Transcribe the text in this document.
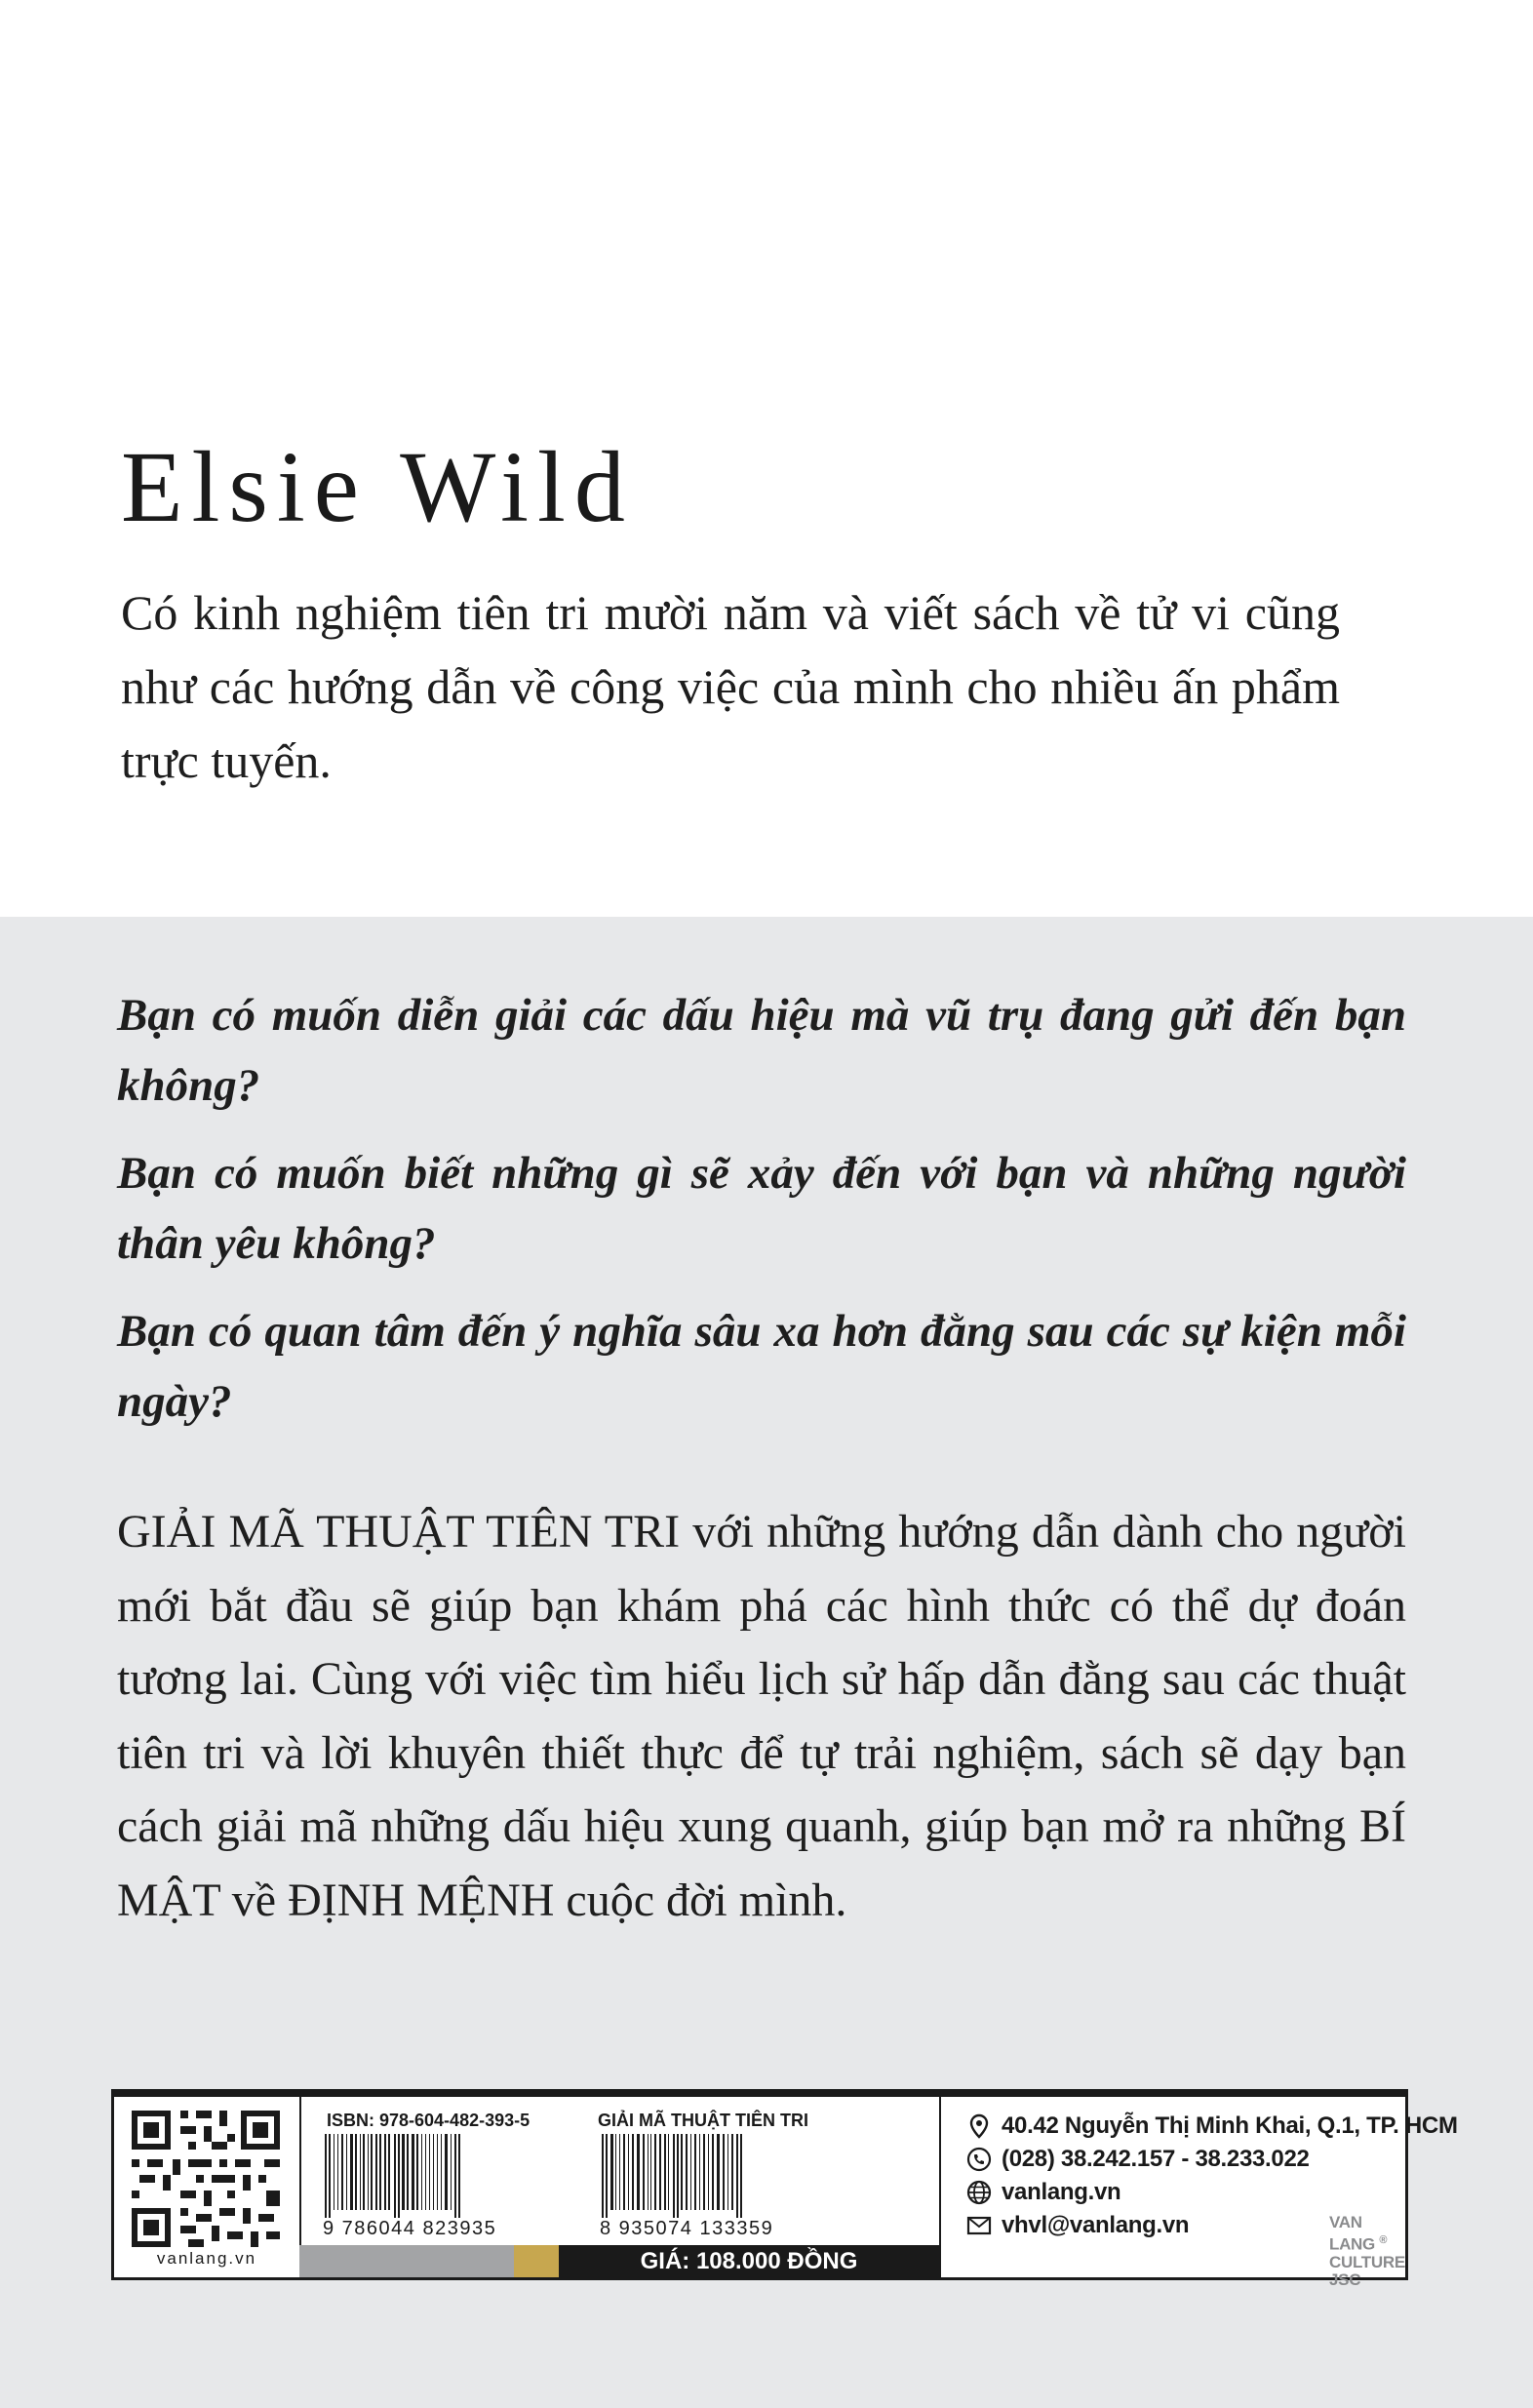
Elsie Wild
Có kinh nghiệm tiên tri mười năm và viết sách về tử vi cũng như các hướng dẫn về công việc của mình cho nhiều ấn phẩm trực tuyến.

Bạn có muốn diễn giải các dấu hiệu mà vũ trụ đang gửi đến bạn không?

Bạn có muốn biết những gì sẽ xảy đến với bạn và những người thân yêu không?

Bạn có quan tâm đến ý nghĩa sâu xa hơn đằng sau các sự kiện mỗi ngày?

GIẢI MÃ THUẬT TIÊN TRI với những hướng dẫn dành cho người mới bắt đầu sẽ giúp bạn khám phá các hình thức có thể dự đoán tương lai. Cùng với việc tìm hiểu lịch sử hấp dẫn đằng sau các thuật tiên tri và lời khuyên thiết thực để tự trải nghiệm, sách sẽ dạy bạn cách giải mã những dấu hiệu xung quanh, giúp bạn mở ra những BÍ MẬT về ĐỊNH MỆNH cuộc đời mình.
vanlang.vn
ISBN: 978-604-482-393-5	GIẢI MÃ THUẬT TIÊN TRI
9 786044 823935	8 935074 133359
GIÁ: 108.000 ĐỒNG
40.42 Nguyễn Thị Minh Khai, Q.1, TP. HCM
(028) 38.242.157 - 38.233.022
vanlang.vn
vhvl@vanlang.vn	VAN LANG ®
CULTURE JSC
